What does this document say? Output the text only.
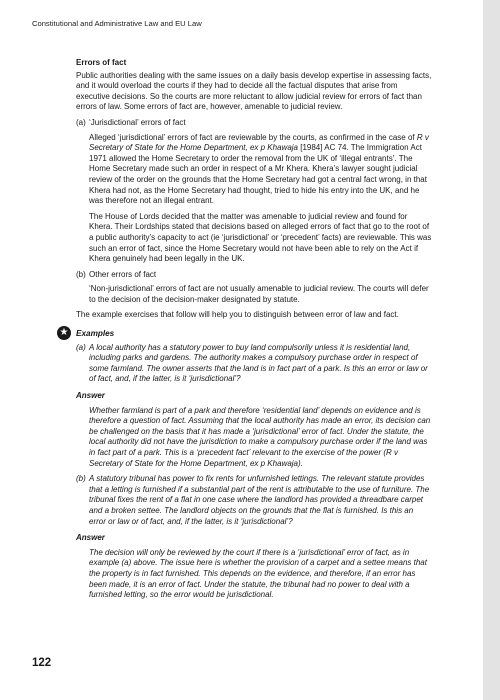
Constitutional and Administrative Law and EU Law

Errors of fact

Public authorities dealing with the same issues on a daily basis develop expertise in assessing facts, and it would overload the courts if they had to decide all the factual disputes that arise from executive decisions. So the courts are more reluctant to allow judicial review for errors of fact than errors of law. Some errors of fact are, however, amenable to judicial review.

(a) ‘Jurisdictional’ errors of fact

Alleged ‘jurisdictional’ errors of fact are reviewable by the courts, as confirmed in the case of R v Secretary of State for the Home Department, ex p Khawaja [1984] AC 74. The Immigration Act 1971 allowed the Home Secretary to order the removal from the UK of ‘illegal entrants’. The Home Secretary made such an order in respect of a Mr Khera. Khera’s lawyer sought judicial review of the order on the grounds that the Home Secretary had got a central fact wrong, in that Khera had not, as the Home Secretary had thought, tried to hide his entry into the UK, and he was therefore not an illegal entrant.

The House of Lords decided that the matter was amenable to judicial review and found for Khera. Their Lordships stated that decisions based on alleged errors of fact that go to the root of a public authority’s capacity to act (ie ‘jurisdictional’ or ‘precedent’ facts) are reviewable. This was such an error of fact, since the Home Secretary would not have been able to rely on the Act if Khera genuinely had been legally in the UK.

(b) Other errors of fact

‘Non-jurisdictional’ errors of fact are not usually amenable to judicial review. The courts will defer to the decision of the decision-maker designated by statute.

The example exercises that follow will help you to distinguish between error of law and fact.

★ Examples
(a) A local authority has a statutory power to buy land compulsorily unless it is residential land, including parks and gardens. The authority makes a compulsory purchase order in respect of some farmland. The owner asserts that the land is in fact part of a park. Is this an error or law or of fact, and, if the latter, is it ‘jurisdictional’?

Answer

Whether farmland is part of a park and therefore ‘residential land’ depends on evidence and is therefore a question of fact. Assuming that the local authority has made an error, its decision can be challenged on the basis that it has made a ‘jurisdictional’ error of fact. Under the statute, the local authority did not have the jurisdiction to make a compulsory purchase order if the land was in fact part of a park. This is a ‘precedent fact’ relevant to the exercise of the power (R v Secretary of State for the Home Department, ex p Khawaja).

(b) A statutory tribunal has power to fix rents for unfurnished lettings. The relevant statute provides that a letting is furnished if a substantial part of the rent is attributable to the use of furniture. The tribunal fixes the rent of a flat in one case where the landlord has provided a threadbare carpet and a broken settee. The landlord objects on the grounds that the flat is furnished. Is this an error or law or of fact, and, if the latter, is it ‘jurisdictional’?

Answer

The decision will only be reviewed by the court if there is a ‘jurisdictional’ error of fact, as in example (a) above. The issue here is whether the provision of a carpet and a settee means that the property is in fact furnished. This depends on the evidence, and therefore, if an error has been made, it is an error of fact. Under the statute, the tribunal had no power to deal with a furnished letting, so the error would be jurisdictional.

122
